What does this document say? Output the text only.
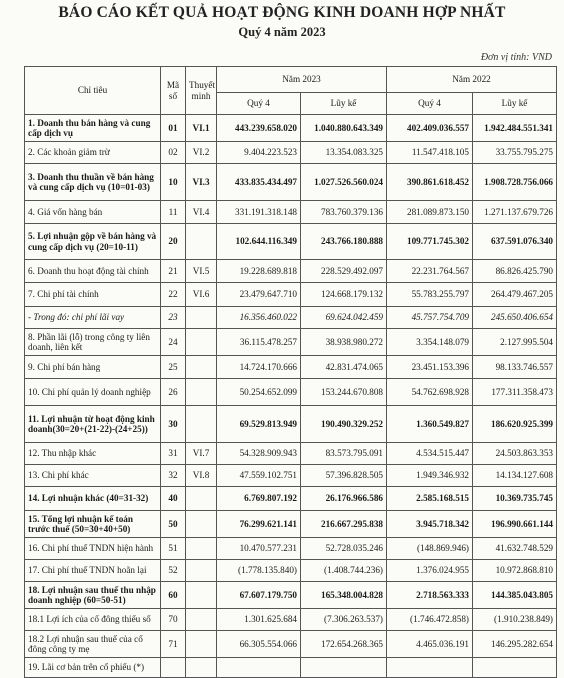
BÁO CÁO KẾT QUẢ HOẠT ĐỘNG KINH DOANH HỢP NHẤT
Quý 4 năm 2023
Đơn vị tính: VND
Chỉ tiêu	Mã số	Thuyết minh	Năm 2023		Năm 2022	
			Quý 4	Lũy kế	Quý 4	Lũy kế
1. Doanh thu bán hàng và cung cấp dịch vụ	01	VI.1	443.239.658.020	1.040.880.643.349	402.409.036.557	1.942.484.551.341
2. Các khoản giảm trừ	02	VI.2	9.404.223.523	13.354.083.325	11.547.418.105	33.755.795.275
3. Doanh thu thuần về bán hàng và cung cấp dịch vụ (10=01-03)	10	VI.3	433.835.434.497	1.027.526.560.024	390.861.618.452	1.908.728.756.066
4. Giá vốn hàng bán	11	VI.4	331.191.318.148	783.760.379.136	281.089.873.150	1.271.137.679.726
5. Lợi nhuận gộp về bán hàng và cung cấp dịch vụ (20=10-11)	20		102.644.116.349	243.766.180.888	109.771.745.302	637.591.076.340
6. Doanh thu hoạt động tài chính	21	VI.5	19.228.689.818	228.529.492.097	22.231.764.567	86.826.425.790
7. Chi phí tài chính	22	VI.6	23.479.647.710	124.668.179.132	55.783.255.797	264.479.467.205
- Trong đó: chi phí lãi vay	23		16.356.460.022	69.624.042.459	45.757.754.709	245.650.406.654
8. Phần lãi (lỗ) trong công ty liên doanh, liên kết	24		36.115.478.257	38.938.980.272	3.354.148.079	2.127.995.504
9. Chi phí bán hàng	25		14.724.170.666	42.831.474.065	23.451.153.396	98.133.746.557
10. Chi phí quản lý doanh nghiệp	26		50.254.652.099	153.244.670.808	54.762.698.928	177.311.358.473
11. Lợi nhuận từ hoạt động kinh doanh(30=20+(21-22)-(24+25))	30		69.529.813.949	190.490.329.252	1.360.549.827	186.620.925.399
12. Thu nhập khác	31	VI.7	54.328.909.943	83.573.795.091	4.534.515.447	24.503.863.353
13. Chi phí khác	32	VI.8	47.559.102.751	57.396.828.505	1.949.346.932	14.134.127.608
14. Lợi nhuận khác (40=31-32)	40		6.769.807.192	26.176.966.586	2.585.168.515	10.369.735.745
15. Tổng lợi nhuận kế toán trước thuế (50=30+40+50)	50		76.299.621.141	216.667.295.838	3.945.718.342	196.990.661.144
16. Chi phí thuế TNDN hiện hành	51		10.470.577.231	52.728.035.246	(148.869.946)	41.632.748.529
17. Chi phí thuế TNDN hoãn lại	52		(1.778.135.840)	(1.408.744.236)	1.376.024.955	10.972.868.810
18. Lợi nhuận sau thuế thu nhập doanh nghiệp (60=50-51)	60		67.607.179.750	165.348.004.828	2.718.563.333	144.385.043.805
18.1 Lợi ích của cổ đông thiểu số	70		1.301.625.684	(7.306.263.537)	(1.746.472.858)	(1.910.238.849)
18.2 Lợi nhuận sau thuế của cổ đông công ty mẹ	71		66.305.554.066	172.654.268.365	4.465.036.191	146.295.282.654
19. Lãi cơ bản trên cổ phiếu (*)						
